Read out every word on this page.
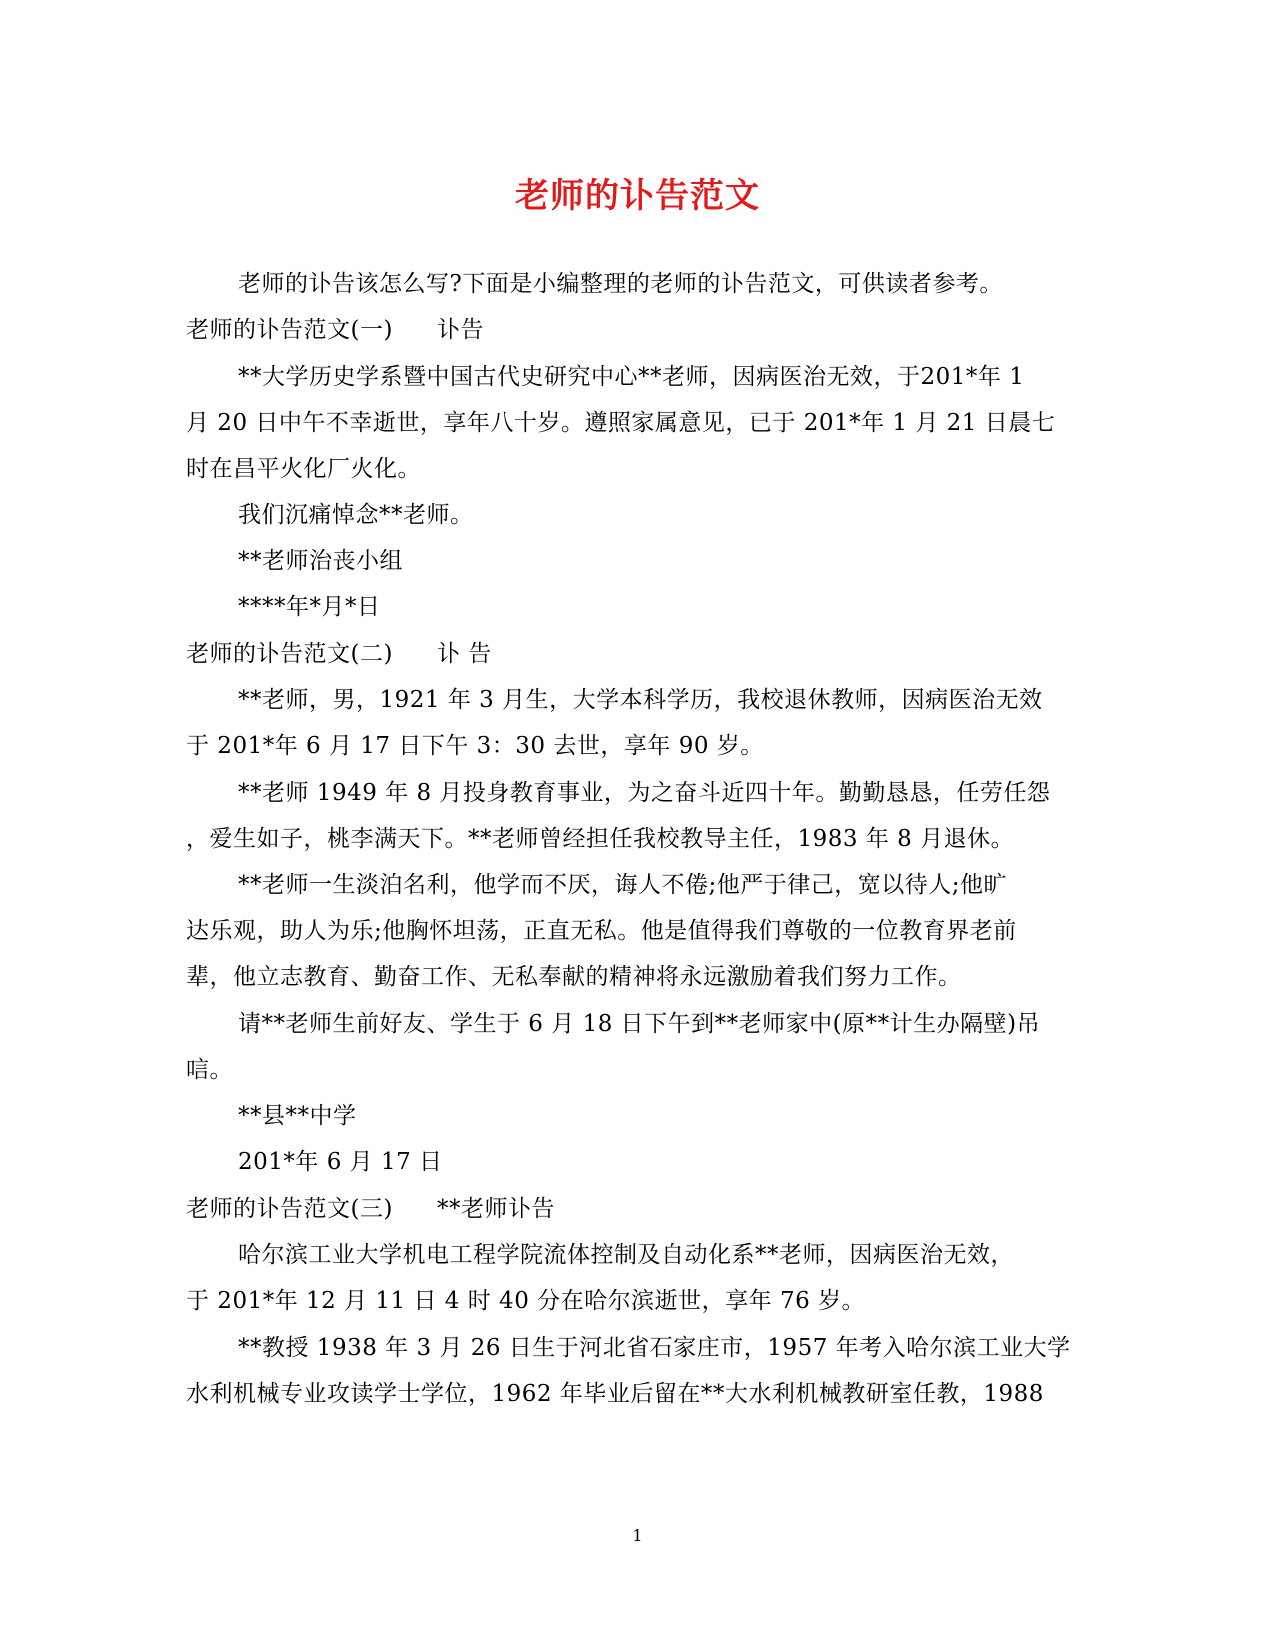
老师的讣告范文
老师的讣告该怎么写?下面是小编整理的老师的讣告范文，可供读者参考。
老师的讣告范文(一) 讣告
**大学历史学系暨中国古代史研究中心**老师，因病医治无效，于201*年 1
月 20 日中午不幸逝世，享年八十岁。遵照家属意见，已于 201*年 1 月 21 日晨七
时在昌平火化厂火化。
我们沉痛悼念**老师。
**老师治丧小组
****年*月*日
老师的讣告范文(二) 讣 告
**老师，男，1921 年 3 月生，大学本科学历，我校退休教师，因病医治无效
于 201*年 6 月 17 日下午 3：30 去世，享年 90 岁。
**老师 1949 年 8 月投身教育事业，为之奋斗近四十年。勤勤恳恳，任劳任怨
，爱生如子，桃李满天下。**老师曾经担任我校教导主任，1983 年 8 月退休。
**老师一生淡泊名利，他学而不厌，诲人不倦;他严于律己，宽以待人;他旷
达乐观，助人为乐;他胸怀坦荡，正直无私。他是值得我们尊敬的一位教育界老前
辈，他立志教育、勤奋工作、无私奉献的精神将永远激励着我们努力工作。
请**老师生前好友、学生于 6 月 18 日下午到**老师家中(原**计生办隔壁)吊
唁。
**县**中学
201*年 6 月 17 日
老师的讣告范文(三) **老师讣告
哈尔滨工业大学机电工程学院流体控制及自动化系**老师，因病医治无效，
于 201*年 12 月 11 日 4 时 40 分在哈尔滨逝世，享年 76 岁。
**教授 1938 年 3 月 26 日生于河北省石家庄市，1957 年考入哈尔滨工业大学
水利机械专业攻读学士学位，1962 年毕业后留在**大水利机械教研室任教，1988
1
